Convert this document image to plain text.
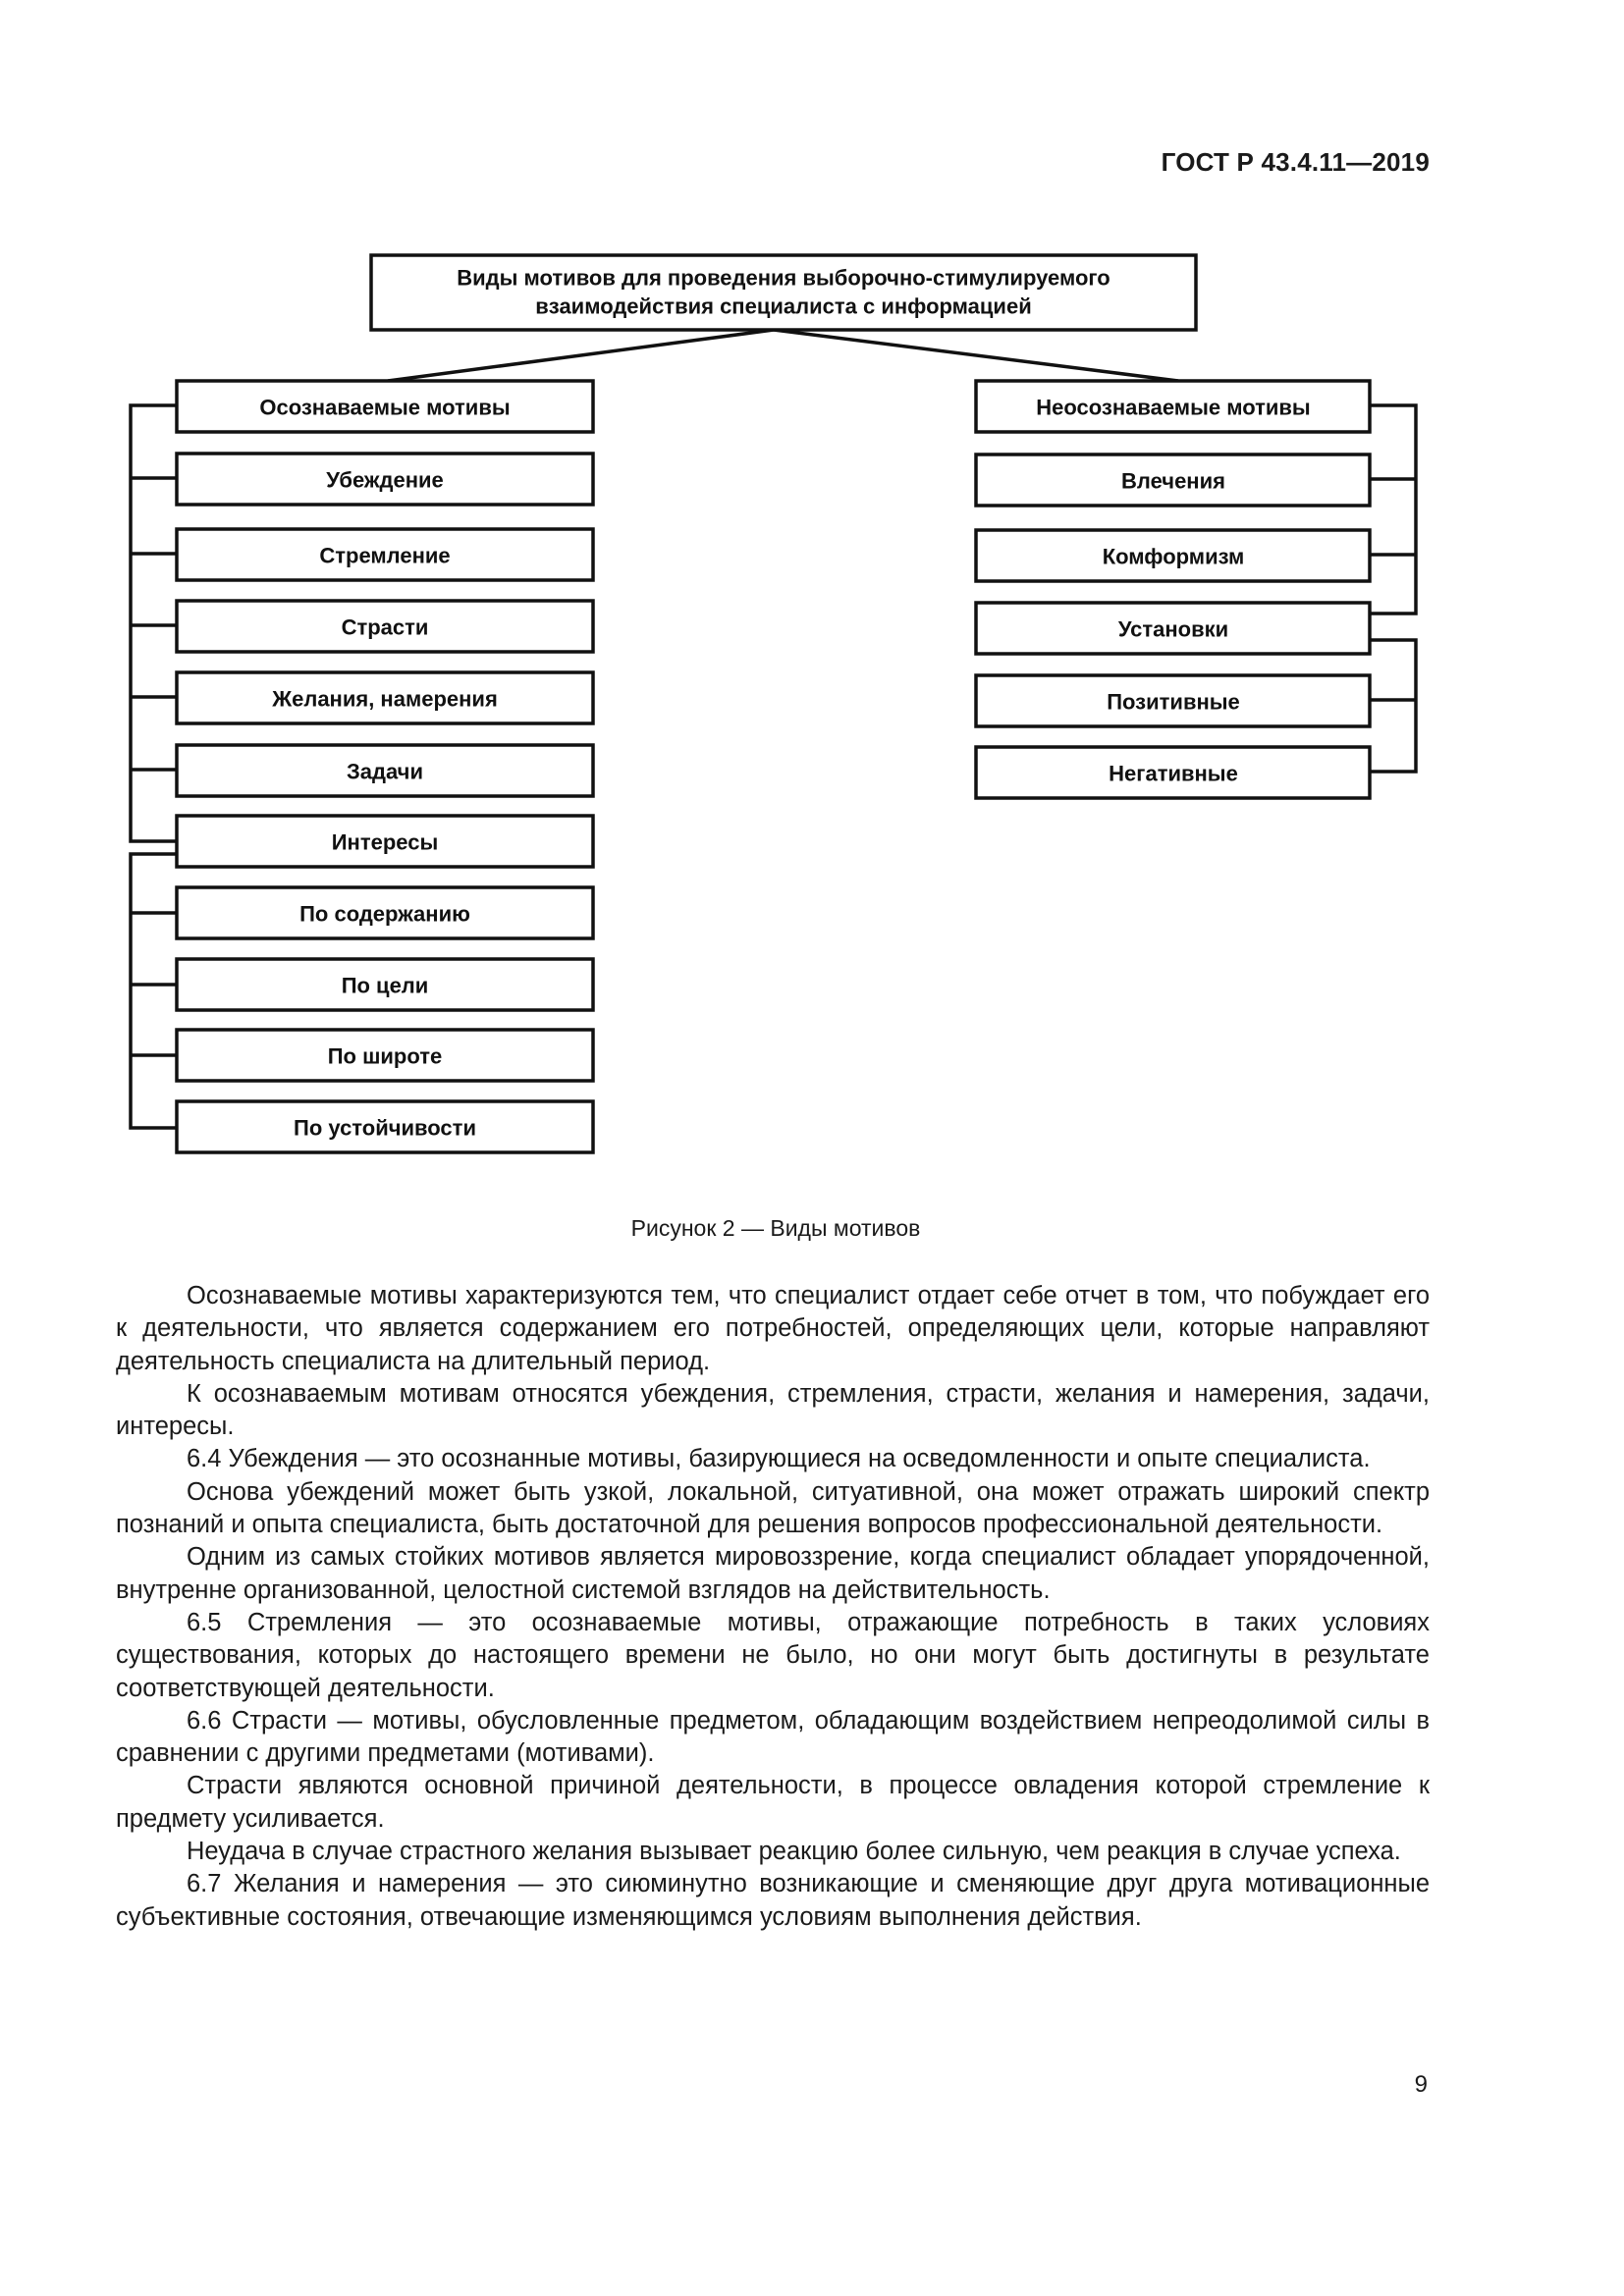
ГОСТ Р 43.4.11—2019
Виды мотивов для проведения выборочно-стимулируемого
взаимодействия специалиста с информацией
Осознаваемые мотивы
Убеждение
Стремление
Страсти
Желания, намерения
Задачи
Интересы
По содержанию
По цели
По широте
По устойчивости
Неосознаваемые мотивы
Влечения
Комформизм
Установки
Позитивные
Негативные
Рисунок 2 — Виды мотивов

Осознаваемые мотивы характеризуются тем, что специалист отдает себе отчет в том, что побуждает его к деятельности, что является содержанием его потребностей, определяющих цели, которые направляют деятельность специалиста на длительный период.

К осознаваемым мотивам относятся убеждения, стремления, страсти, желания и намерения, задачи, интересы.

6.4 Убеждения — это осознанные мотивы, базирующиеся на осведомленности и опыте специалиста.

Основа убеждений может быть узкой, локальной, ситуативной, она может отражать широкий спектр познаний и опыта специалиста, быть достаточной для решения вопросов профессиональной деятельности.

Одним из самых стойких мотивов является мировоззрение, когда специалист обладает упорядоченной, внутренне организованной, целостной системой взглядов на действительность.

6.5 Стремления — это осознаваемые мотивы, отражающие потребность в таких условиях существования, которых до настоящего времени не было, но они могут быть достигнуты в результате соответствующей деятельности.

6.6 Страсти — мотивы, обусловленные предметом, обладающим воздействием непреодолимой силы в сравнении с другими предметами (мотивами).

Страсти являются основной причиной деятельности, в процессе овладения которой стремление к предмету усиливается.

Неудача в случае страстного желания вызывает реакцию более сильную, чем реакция в случае успеха.

6.7 Желания и намерения — это сиюминутно возникающие и сменяющие друг друга мотивационные субъективные состояния, отвечающие изменяющимся условиям выполнения действия.

9
